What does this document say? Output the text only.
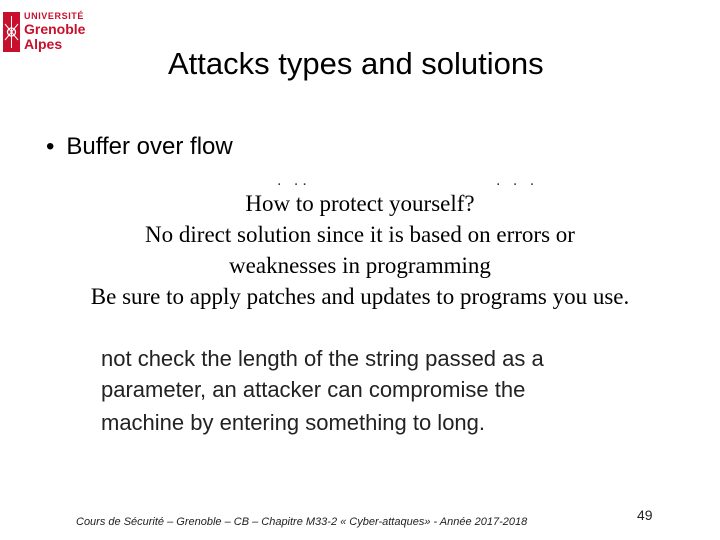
UNIVERSITÉ
Grenoble
Alpes
Attacks types and solutions
• Buffer over flow
. ..	. . .
How to protect yourself?
No direct solution since it is based on errors or
weaknesses in programming
Be sure to apply patches and updates to programs you use.
not check the length of the string passed as a
parameter, an attacker can compromise the
machine by entering something to long.
Cours de Sécurité – Grenoble – CB – Chapitre M33-2 « Cyber-attaques» - Année 2017-2018	49
